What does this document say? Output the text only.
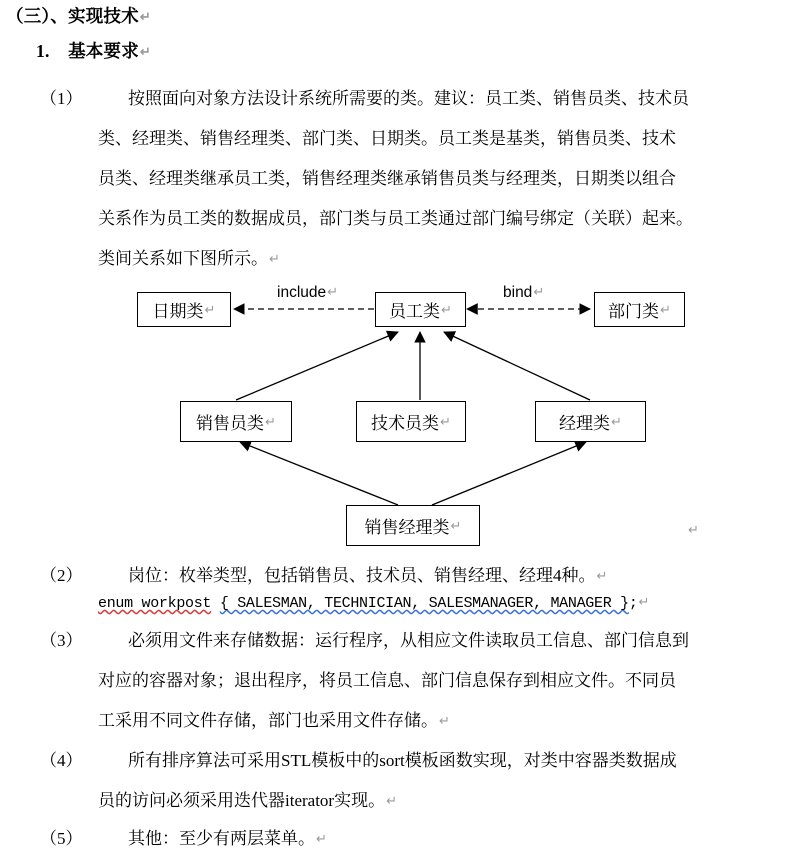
（三）、实现技术↵
1. 基本要求↵
（1）	按照面向对象方法设计系统所需要的类。建议：员工类、销售员类、技术员
类、经理类、销售经理类、部门类、日期类。员工类是基类，销售员类、技术
员类、经理类继承员工类，销售经理类继承销售员类与经理类，日期类以组合
关系作为员工类的数据成员，部门类与员工类通过部门编号绑定（关联）起来。
类间关系如下图所示。↵
日期类 ↵	员工类 ↵	部门类 ↵
include↵	bind↵
销售员类 ↵	技术员类 ↵	经理类 ↵
销售经理类 ↵	↵
（2）	岗位：枚举类型，包括销售员、技术员、销售经理、经理4种。↵
enum workpost { SALESMAN, TECHNICIAN, SALESMANAGER, MANAGER };↵
（3）	必须用文件来存储数据：运行程序，从相应文件读取员工信息、部门信息到
对应的容器对象；退出程序，将员工信息、部门信息保存到相应文件。不同员
工采用不同文件存储，部门也采用文件存储。↵
（4）	所有排序算法可采用STL模板中的sort模板函数实现，对类中容器类数据成
员的访问必须采用迭代器iterator实现。↵
（5）	其他：至少有两层菜单。↵
